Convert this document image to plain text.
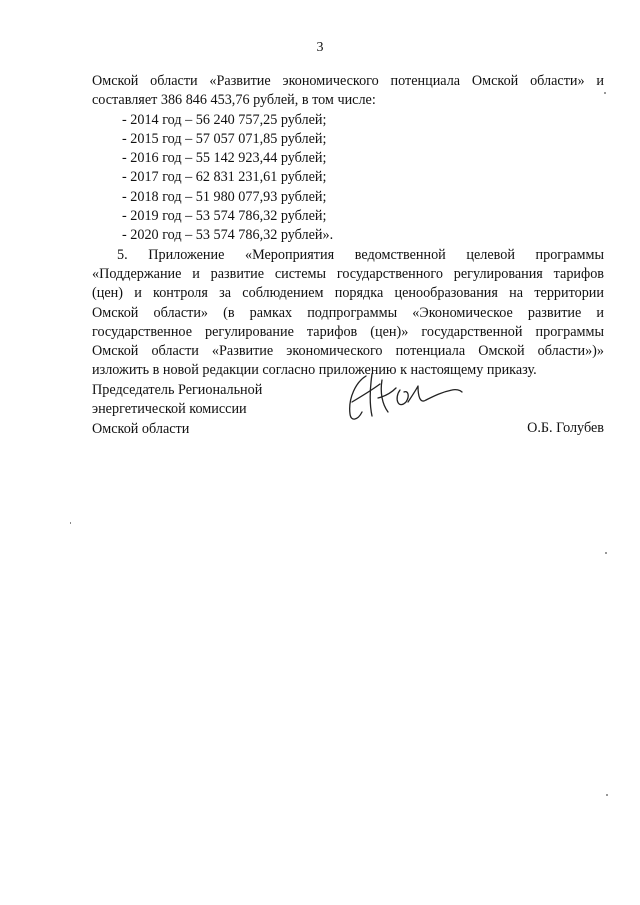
3
Омской области «Развитие экономического потенциала Омской области» и
составляет 386 846 453,76 рублей, в том числе:
- 2014 год – 56 240 757,25 рублей;
- 2015 год – 57 057 071,85 рублей;
- 2016 год – 55 142 923,44 рублей;
- 2017 год – 62 831 231,61 рублей;
- 2018 год – 51 980 077,93 рублей;
- 2019 год – 53 574 786,32 рублей;
- 2020 год – 53 574 786,32 рублей».
5. Приложение «Мероприятия ведомственной целевой программы
«Поддержание и развитие системы государственного регулирования тарифов
(цен) и контроля за соблюдением порядка ценообразования на территории
Омской области» (в рамках подпрограммы «Экономическое развитие и
государственное регулирование тарифов (цен)» государственной программы
Омской области «Развитие экономического потенциала Омской области»)»
изложить в новой редакции согласно приложению к настоящему приказу.
Председатель Региональной
энергетической комиссии
Омской области	О.Б. Голубев
